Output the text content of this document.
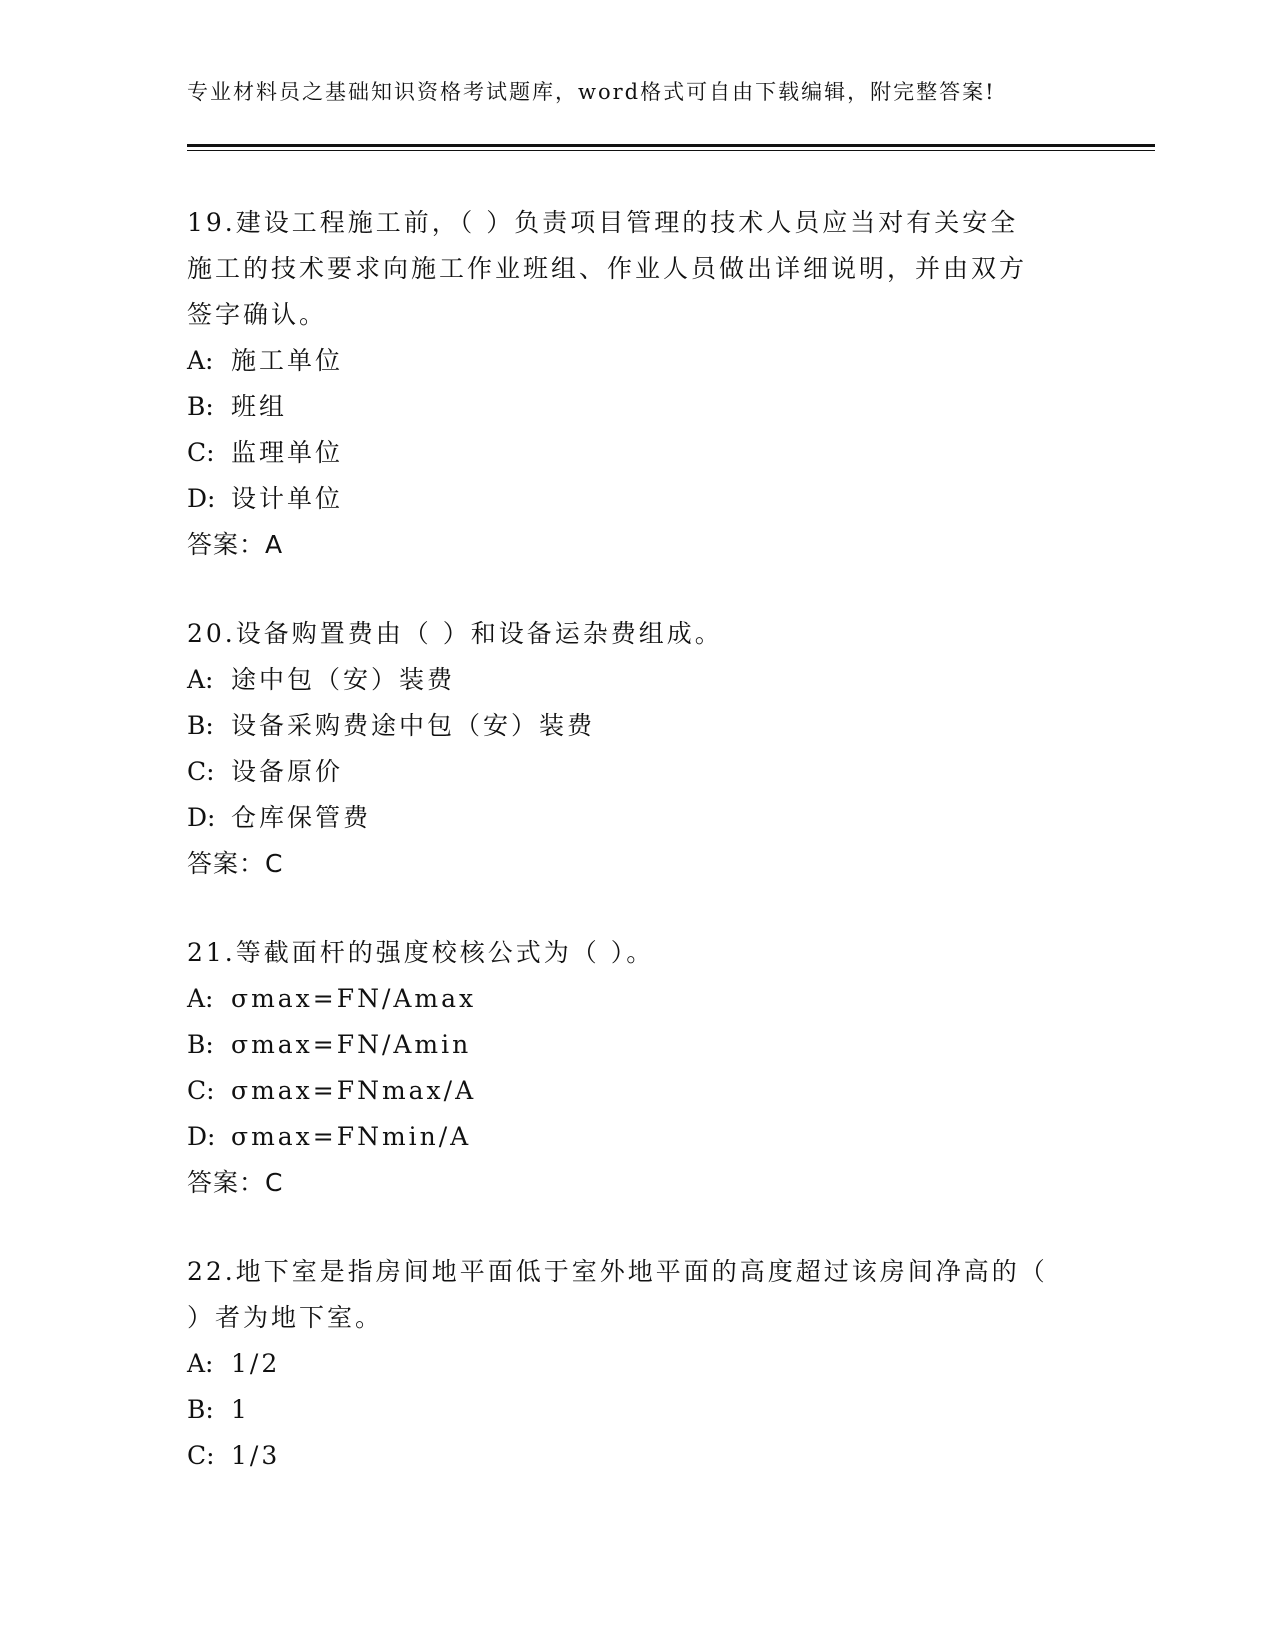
专业材料员之基础知识资格考试题库，word格式可自由下载编辑，附完整答案!
19.建设工程施工前，（ ）负责项目管理的技术人员应当对有关安全
施工的技术要求向施工作业班组、作业人员做出详细说明，并由双方
签字确认。
A: 施工单位
B: 班组
C: 监理单位
D: 设计单位
答案：A
20.设备购置费由（ ）和设备运杂费组成。
A: 途中包（安）装费
B: 设备采购费途中包（安）装费
C: 设备原价
D: 仓库保管费
答案：C
21.等截面杆的强度校核公式为（ ）。
A: σmax=FN/Amax
B: σmax=FN/Amin
C: σmax=FNmax/A
D: σmax=FNmin/A
答案：C
22.地下室是指房间地平面低于室外地平面的高度超过该房间净高的（
）者为地下室。
A: 1/2
B: 1
C: 1/3
